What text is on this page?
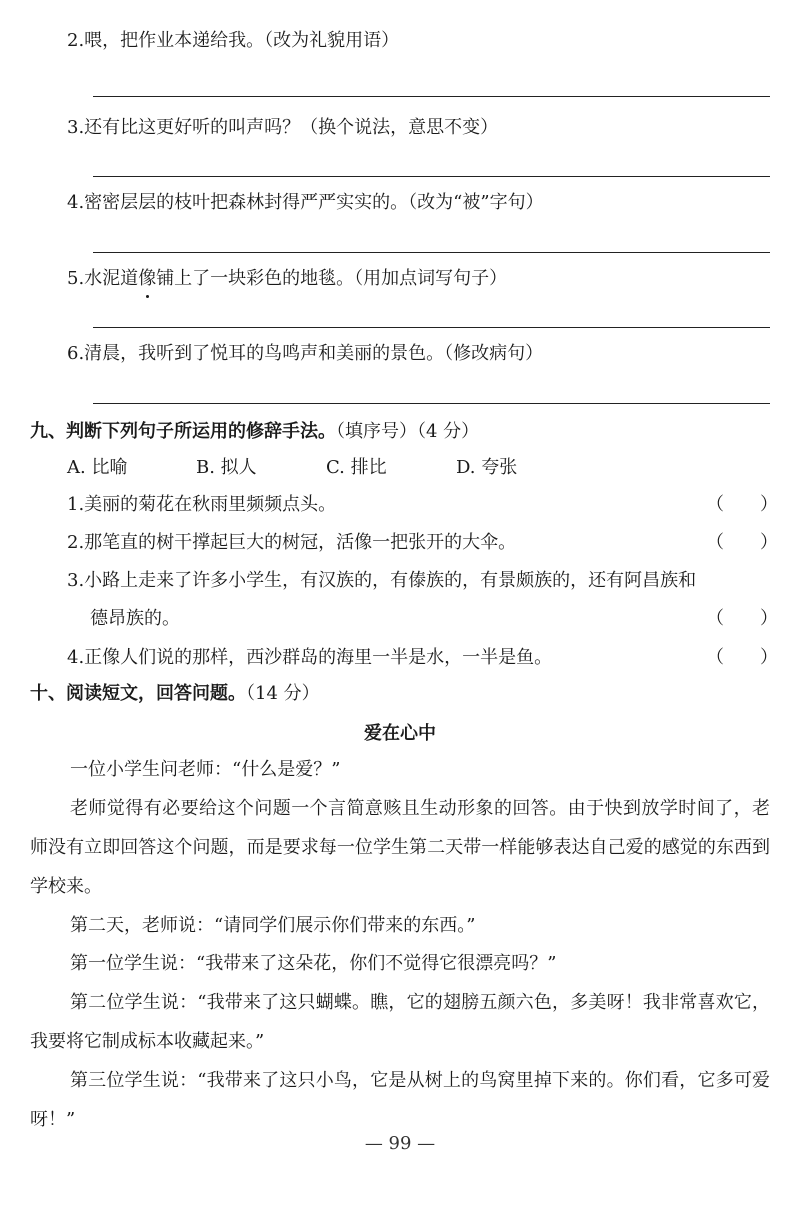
2.喂，把作业本递给我。（改为礼貌用语）
3.还有比这更好听的叫声吗？（换个说法，意思不变）
4.密密层层的枝叶把森林封得严严实实的。（改为“被”字句）
5.水泥道像铺上了一块彩色的地毯。（用加点词写句子）
6.清晨，我听到了悦耳的鸟鸣声和美丽的景色。（修改病句）
九、判断下列句子所运用的修辞手法。（填序号）（4 分）
A. 比喻	B. 拟人	C. 排比	D. 夸张
1.美丽的菊花在秋雨里频频点头。	（　　）
2.那笔直的树干撑起巨大的树冠，活像一把张开的大伞。	（　　）
3.小路上走来了许多小学生，有汉族的，有傣族的，有景颇族的，还有阿昌族和
德昂族的。	（　　）
4.正像人们说的那样，西沙群岛的海里一半是水，一半是鱼。	（　　）
十、阅读短文，回答问题。（14 分）
爱在心中
一位小学生问老师：“什么是爱？”
老师觉得有必要给这个问题一个言简意赅且生动形象的回答。由于快到放学时间了，老师没有立即回答这个问题，而是要求每一位学生第二天带一样能够表达自己爱的感觉的东西到学校来。
第二天，老师说：“请同学们展示你们带来的东西。”
第一位学生说：“我带来了这朵花，你们不觉得它很漂亮吗？”
第二位学生说：“我带来了这只蝴蝶。瞧，它的翅膀五颜六色，多美呀！我非常喜欢它，我要将它制成标本收藏起来。”
第三位学生说：“我带来了这只小鸟，它是从树上的鸟窝里掉下来的。你们看，它多可爱呀！”
— 99 —
